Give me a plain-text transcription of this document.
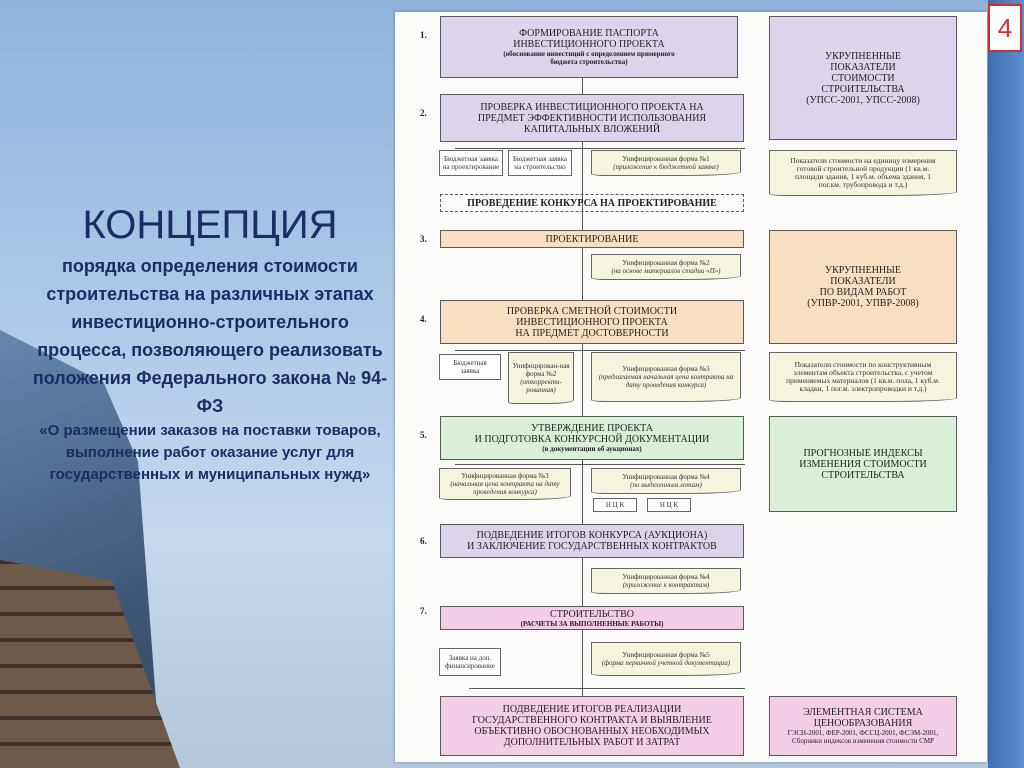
4
КОНЦЕПЦИЯ
порядка определения стоимости строительства на различных этапах инвестиционно-строительного процесса, позволяющего реализовать положения Федерального закона № 94-ФЗ
«О размещении заказов на поставки товаров, выполнение работ оказание услуг для государственных и муниципальных нужд»
1.
2.
3.
4.
5.
6.
7.
ФОРМИРОВАНИЕ ПАСПОРТА
ИНВЕСТИЦИОННОГО ПРОЕКТА
(обоснование инвестиций с определением примерного
бюджета строительства)
ПРОВЕРКА ИНВЕСТИЦИОННОГО ПРОЕКТА НА
ПРЕДМЕТ ЭФФЕКТИВНОСТИ ИСПОЛЬЗОВАНИЯ
КАПИТАЛЬНЫХ ВЛОЖЕНИЙ
Бюджетная заявка
на проектирование
Бюджетная заявка
на строительство
Унифицированная форма №1
(приложение к бюджетной заявке)
ПРОВЕДЕНИЕ КОНКУРСА НА ПРОЕКТИРОВАНИЕ
ПРОЕКТИРОВАНИЕ
Унифицированная форма №2
(на основе материалов стадии «П»)
ПРОВЕРКА СМЕТНОЙ СТОИМОСТИ
ИНВЕСТИЦИОННОГО ПРОЕКТА
НА ПРЕДМЕТ ДОСТОВЕРНОСТИ
Бюджетная
заявка
Унифицирован-ная форма №2
(откорректи-рованная)
Унифицированная форма №3
(предлагаемая начальная цена контракта на дату проведения конкурса)
УТВЕРЖДЕНИЕ ПРОЕКТА
И ПОДГОТОВКА КОНКУРСНОЙ ДОКУМЕНТАЦИИ
(в документации об аукционах)
Унифицированная форма №3
(начальная цена контракта на дату проведения конкурса)
Унифицированная форма №4
(по выделенным лотам)
Н Ц К	Н Ц К
ПОДВЕДЕНИЕ ИТОГОВ КОНКУРСА (АУКЦИОНА)
И ЗАКЛЮЧЕНИЕ ГОСУДАРСТВЕННЫХ КОНТРАКТОВ
Унифицированная форма №4
(приложение к контрактам)
СТРОИТЕЛЬСТВО
(РАСЧЕТЫ ЗА ВЫПОЛНЕННЫЕ РАБОТЫ)
Заявка на доп.
финансирование
Унифицированная форма №5
(форма первичной учетной документации)
ПОДВЕДЕНИЕ ИТОГОВ РЕАЛИЗАЦИИ
ГОСУДАРСТВЕННОГО КОНТРАКТА И ВЫЯВЛЕНИЕ
ОБЪЕКТИВНО ОБОСНОВАННЫХ НЕОБХОДИМЫХ
ДОПОЛНИТЕЛЬНЫХ РАБОТ И ЗАТРАТ
УКРУПНЕННЫЕ
ПОКАЗАТЕЛИ
СТОИМОСТИ
СТРОИТЕЛЬСТВА
(УПСС-2001, УПСС-2008)
Показатели стоимости на единицу измерения
готовой строительной продукции (1 кв.м.
площади здания, 1 куб.м. объема здания, 1
пог.км. трубопровода и т.д.)
УКРУПНЕННЫЕ
ПОКАЗАТЕЛИ
ПО ВИДАМ РАБОТ
(УПВР-2001, УПВР-2008)
Показатели стоимости по конструктивным
элементам объекта строительства, с учетом
применяемых материалов (1 кв.м. пола, 1 куб.м.
кладки, 1 пог.м. электропроводки и т.д.)
ПРОГНОЗНЫЕ ИНДЕКСЫ
ИЗМЕНЕНИЯ СТОИМОСТИ
СТРОИТЕЛЬСТВА
ЭЛЕМЕНТНАЯ СИСТЕМА
ЦЕНООБРАЗОВАНИЯ
ГЭСН-2001, ФЕР-2001, ФССЦ-2001, ФСЭМ-2001,
Сборники индексов изменения стоимости СМР
